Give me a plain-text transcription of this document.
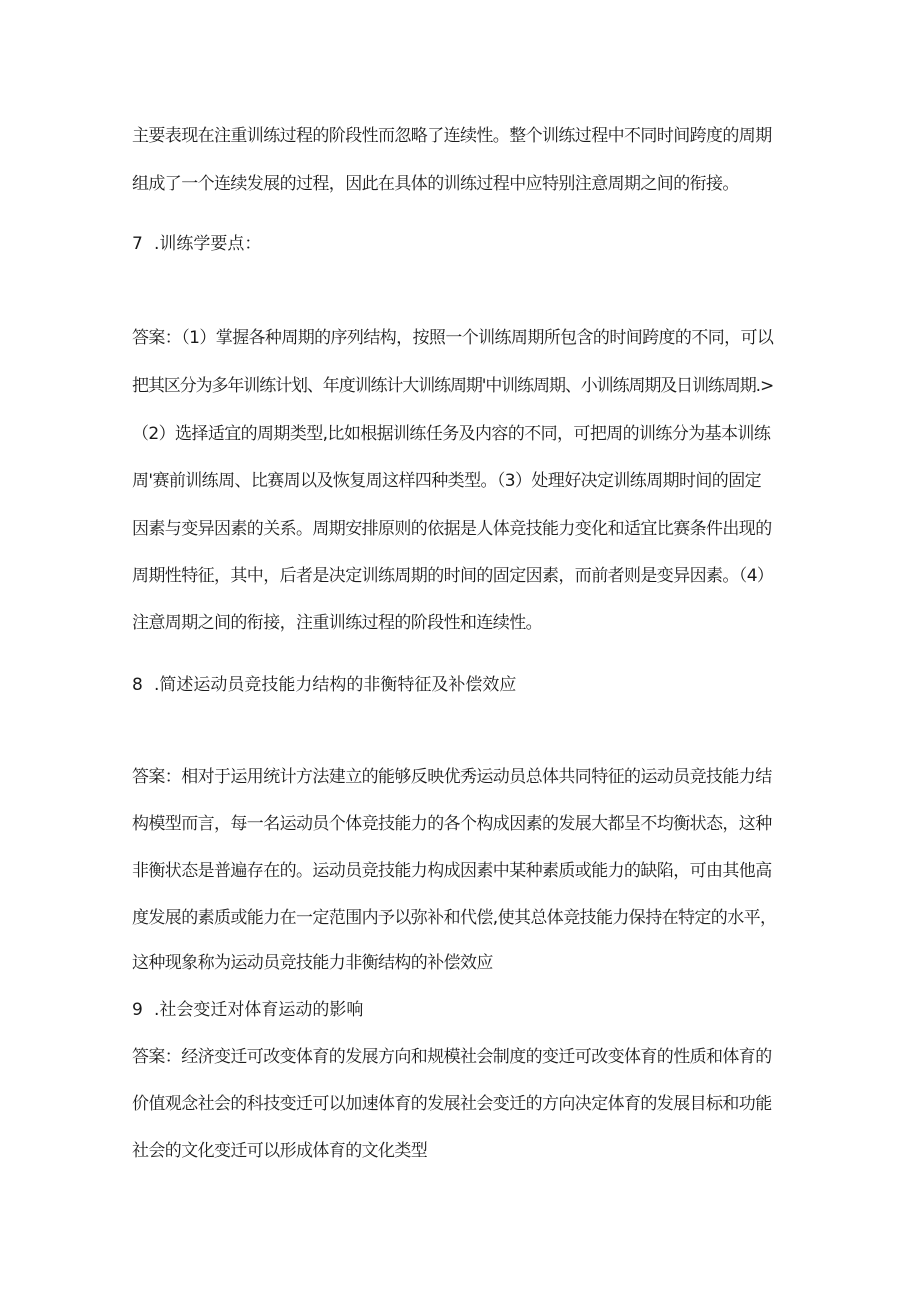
主要表现在注重训练过程的阶段性而忽略了连续性。整个训练过程中不同时间跨度的周期
组成了一个连续发展的过程，因此在具体的训练过程中应特别注意周期之间的衔接。
7 .训练学要点：
答案：（1）掌握各种周期的序列结构，按照一个训练周期所包含的时间跨度的不同，可以
把其区分为多年训练计划、年度训练计大训练周期'中训练周期、小训练周期及日训练周期.>
（2）选择适宜的周期类型,比如根据训练任务及内容的不同，可把周的训练分为基本训练
周'赛前训练周、比赛周以及恢复周这样四种类型。（3）处理好决定训练周期时间的固定
因素与变异因素的关系。周期安排原则的依据是人体竞技能力变化和适宜比赛条件出现的
周期性特征，其中，后者是决定训练周期的时间的固定因素，而前者则是变异因素。（4）
注意周期之间的衔接，注重训练过程的阶段性和连续性。
8 .简述运动员竞技能力结构的非衡特征及补偿效应
答案：相对于运用统计方法建立的能够反映优秀运动员总体共同特征的运动员竞技能力结
构模型而言，每一名运动员个体竞技能力的各个构成因素的发展大都呈不均衡状态，这种
非衡状态是普遍存在的。运动员竞技能力构成因素中某种素质或能力的缺陷，可由其他高
度发展的素质或能力在一定范围内予以弥补和代偿,使其总体竞技能力保持在特定的水平，
这种现象称为运动员竞技能力非衡结构的补偿效应
9 .社会变迁对体育运动的影响
答案：经济变迁可改变体育的发展方向和规模社会制度的变迁可改变体育的性质和体育的
价值观念社会的科技变迁可以加速体育的发展社会变迁的方向决定体育的发展目标和功能
社会的文化变迁可以形成体育的文化类型
